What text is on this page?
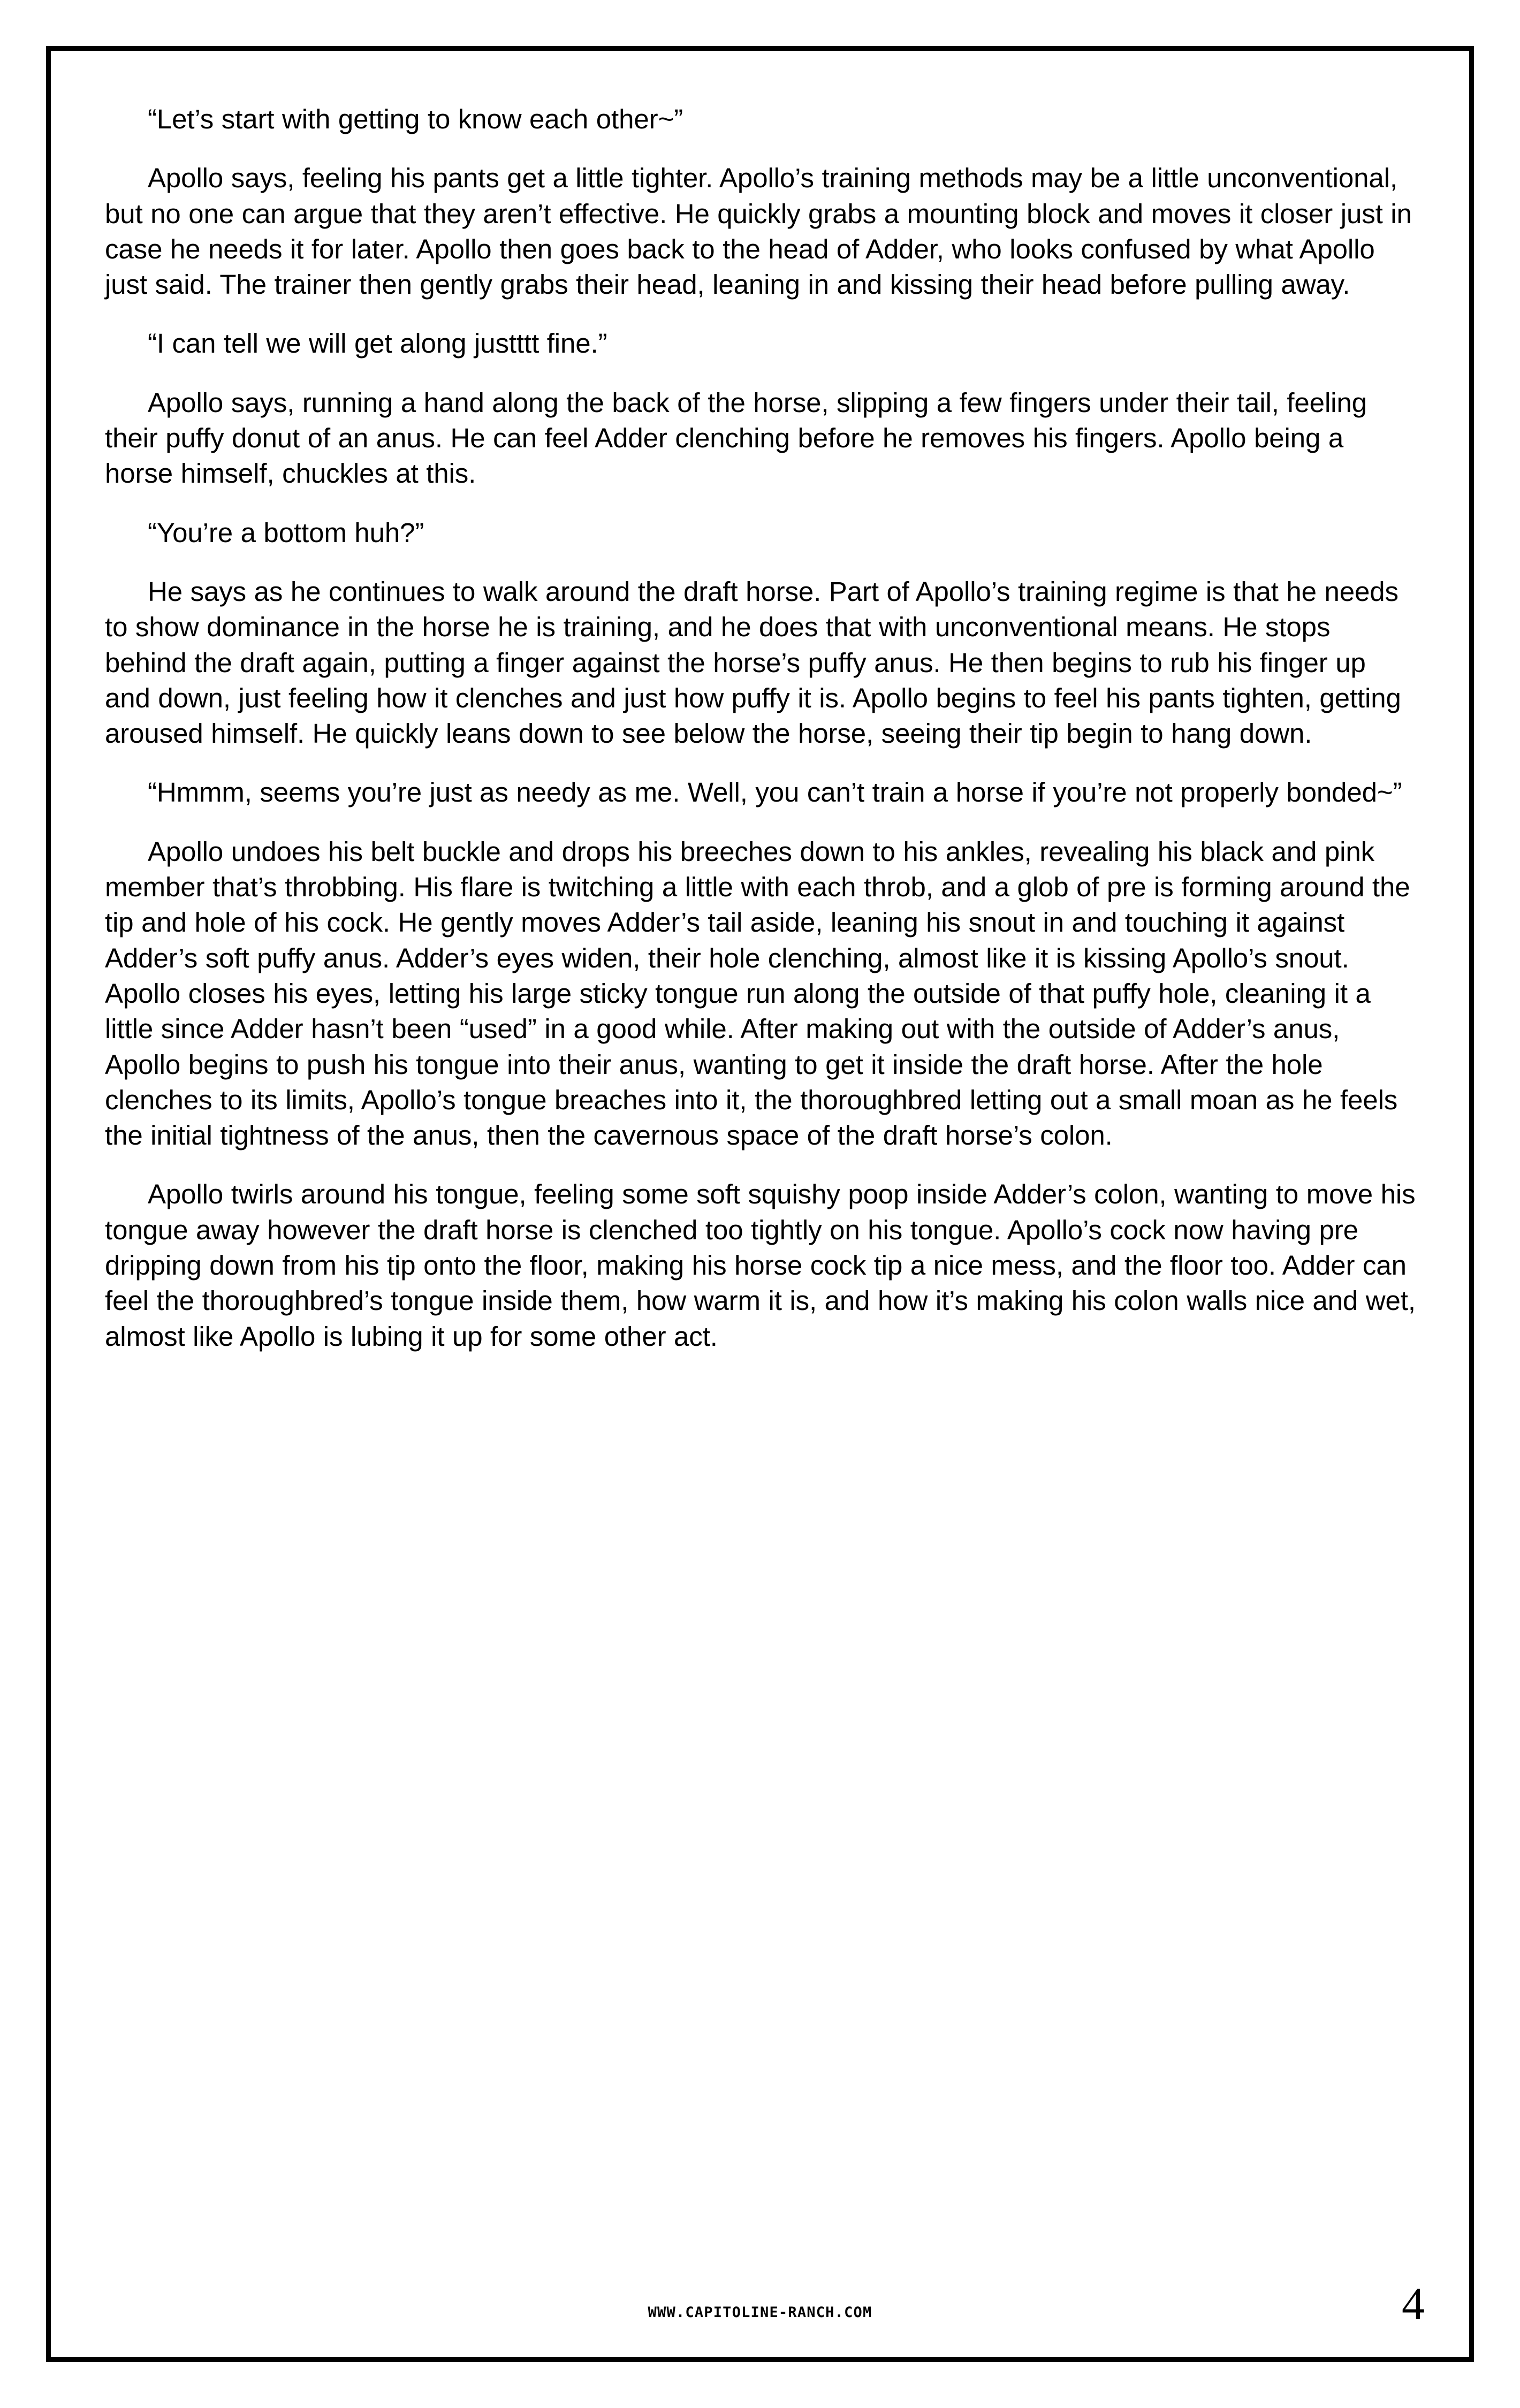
“Let’s start with getting to know each other~”

Apollo says, feeling his pants get a little tighter. Apollo’s training methods may be a little unconventional, but no one can argue that they aren’t effective. He quickly grabs a mounting block and moves it closer just in case he needs it for later. Apollo then goes back to the head of Adder, who looks confused by what Apollo just said. The trainer then gently grabs their head, leaning in and kissing their head before pulling away.

“I can tell we will get along justttt fine.”

Apollo says, running a hand along the back of the horse, slipping a few fingers under their tail, feeling their puffy donut of an anus. He can feel Adder clenching before he removes his fingers. Apollo being a horse himself, chuckles at this.

“You’re a bottom huh?”

He says as he continues to walk around the draft horse. Part of Apollo’s training regime is that he needs to show dominance in the horse he is training, and he does that with unconventional means. He stops behind the draft again, putting a finger against the horse’s puffy anus. He then begins to rub his finger up and down, just feeling how it clenches and just how puffy it is. Apollo begins to feel his pants tighten, getting aroused himself. He quickly leans down to see below the horse, seeing their tip begin to hang down.

“Hmmm, seems you’re just as needy as me. Well, you can’t train a horse if you’re not properly bonded~”

Apollo undoes his belt buckle and drops his breeches down to his ankles, revealing his black and pink member that’s throbbing. His flare is twitching a little with each throb, and a glob of pre is forming around the tip and hole of his cock. He gently moves Adder’s tail aside, leaning his snout in and touching it against Adder’s soft puffy anus. Adder’s eyes widen, their hole clenching, almost like it is kissing Apollo’s snout. Apollo closes his eyes, letting his large sticky tongue run along the outside of that puffy hole, cleaning it a little since Adder hasn’t been “used” in a good while. After making out with the outside of Adder’s anus, Apollo begins to push his tongue into their anus, wanting to get it inside the draft horse. After the hole clenches to its limits, Apollo’s tongue breaches into it, the thoroughbred letting out a small moan as he feels the initial tightness of the anus, then the cavernous space of the draft horse’s colon.

Apollo twirls around his tongue, feeling some soft squishy poop inside Adder’s colon, wanting to move his tongue away however the draft horse is clenched too tightly on his tongue. Apollo’s cock now having pre dripping down from his tip onto the floor, making his horse cock tip a nice mess, and the floor too. Adder can feel the thoroughbred’s tongue inside them, how warm it is, and how it’s making his colon walls nice and wet, almost like Apollo is lubing it up for some other act.

WWW.CAPITOLINE-RANCH.COM	4
